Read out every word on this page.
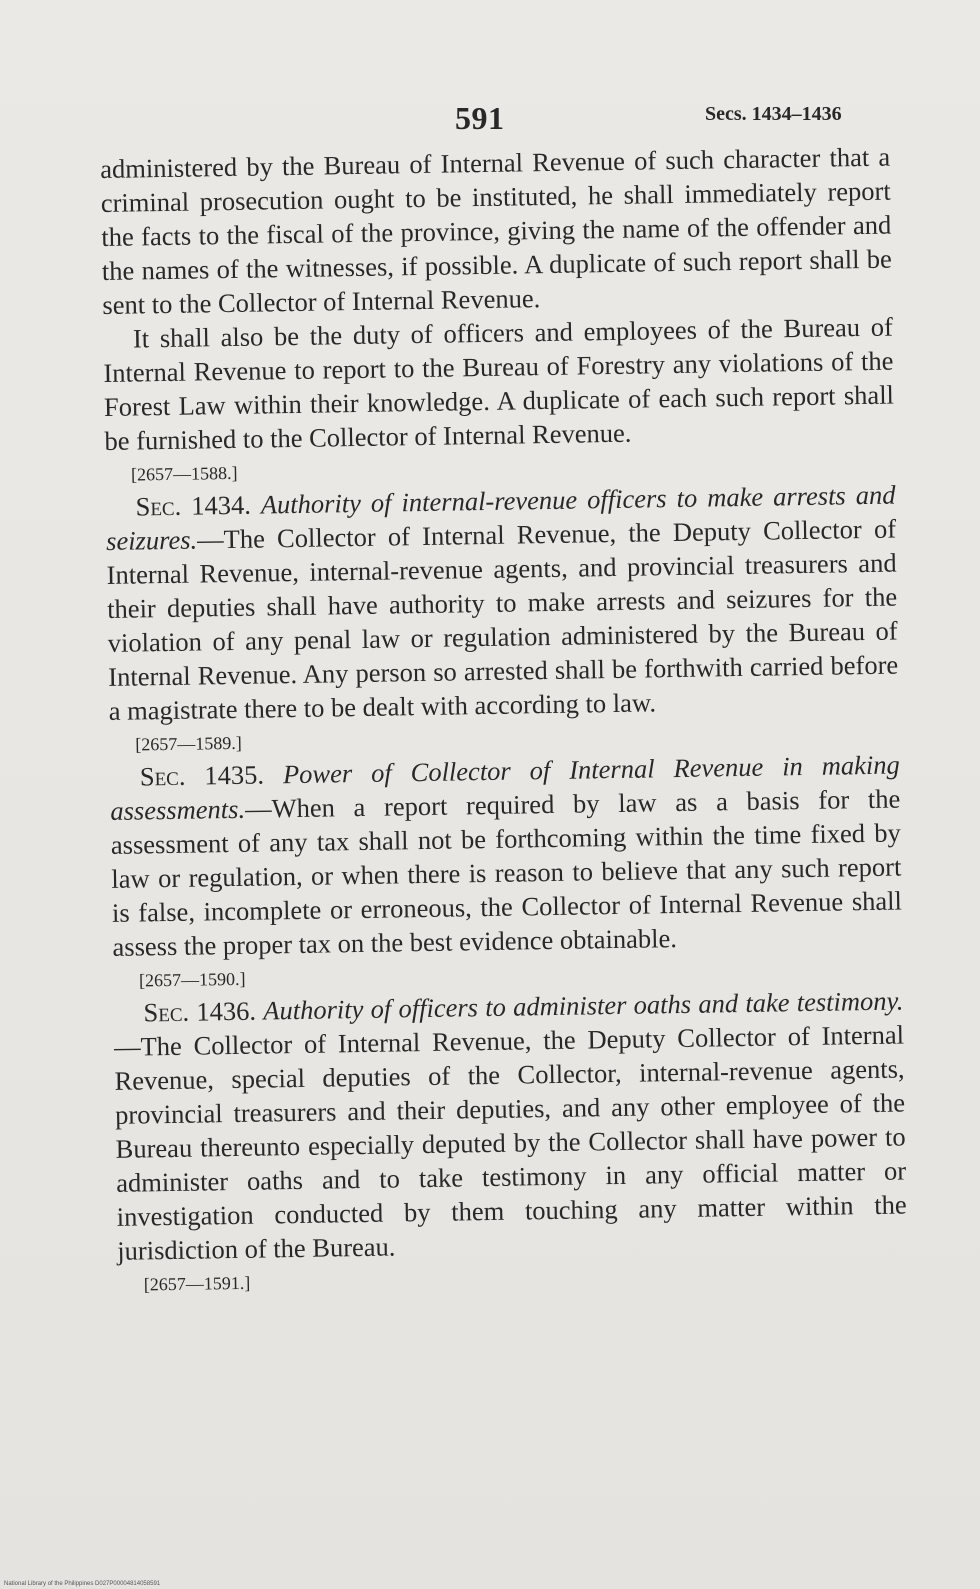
591	Secs. 1434–1436

administered by the Bureau of Internal Revenue of such character that a criminal prosecution ought to be instituted, he shall immediately report the facts to the fiscal of the province, giving the name of the offender and the names of the witnesses, if possible. A duplicate of such report shall be sent to the Collector of Internal Revenue.

It shall also be the duty of officers and employees of the Bureau of Internal Revenue to report to the Bureau of Forestry any violations of the Forest Law within their knowledge. A duplicate of each such report shall be furnished to the Collector of Internal Revenue.

[2657—1588.]

Sec. 1434. Authority of internal-revenue officers to make arrests and seizures.—The Collector of Internal Revenue, the Deputy Collector of Internal Revenue, internal-revenue agents, and provincial treasurers and their deputies shall have authority to make arrests and seizures for the violation of any penal law or regulation administered by the Bureau of Internal Revenue. Any person so arrested shall be forthwith carried before a magistrate there to be dealt with according to law.

[2657—1589.]

Sec. 1435. Power of Collector of Internal Revenue in making assessments.—When a report required by law as a basis for the assessment of any tax shall not be forthcoming within the time fixed by law or regulation, or when there is reason to believe that any such report is false, incomplete or erroneous, the Collector of Internal Revenue shall assess the proper tax on the best evidence obtainable.

[2657—1590.]

Sec. 1436. Authority of officers to administer oaths and take testimony.—The Collector of Internal Revenue, the Deputy Collector of Internal Revenue, special deputies of the Collector, internal-revenue agents, provincial treasurers and their deputies, and any other employee of the Bureau thereunto especially deputed by the Collector shall have power to administer oaths and to take testimony in any official matter or investigation conducted by them touching any matter within the jurisdiction of the Bureau.

[2657—1591.]

National Library of the Philippines D027P00004814058591
